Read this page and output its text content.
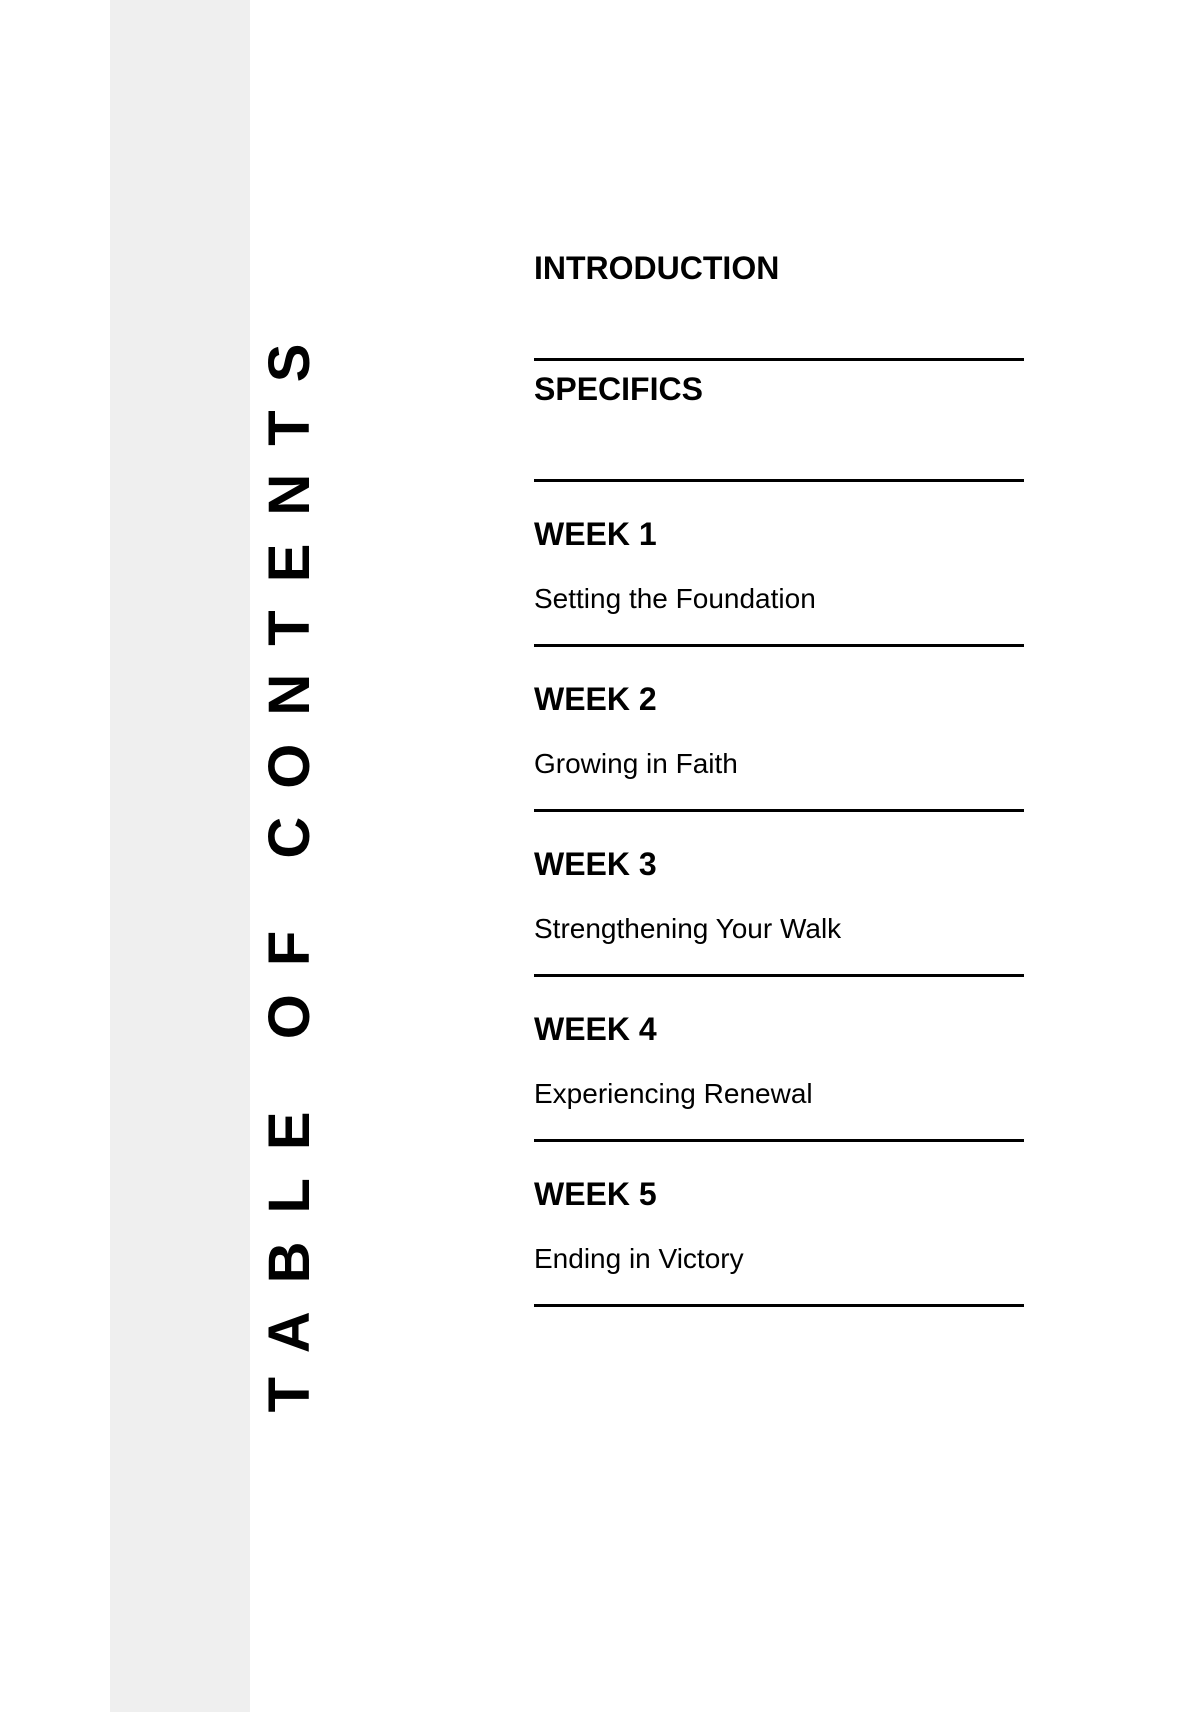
TABLE OF CONTENTS
INTRODUCTION
SPECIFICS
WEEK 1
Setting the Foundation
WEEK 2
Growing in Faith
WEEK 3
Strengthening Your Walk
WEEK 4
Experiencing Renewal
WEEK 5
Ending in Victory
